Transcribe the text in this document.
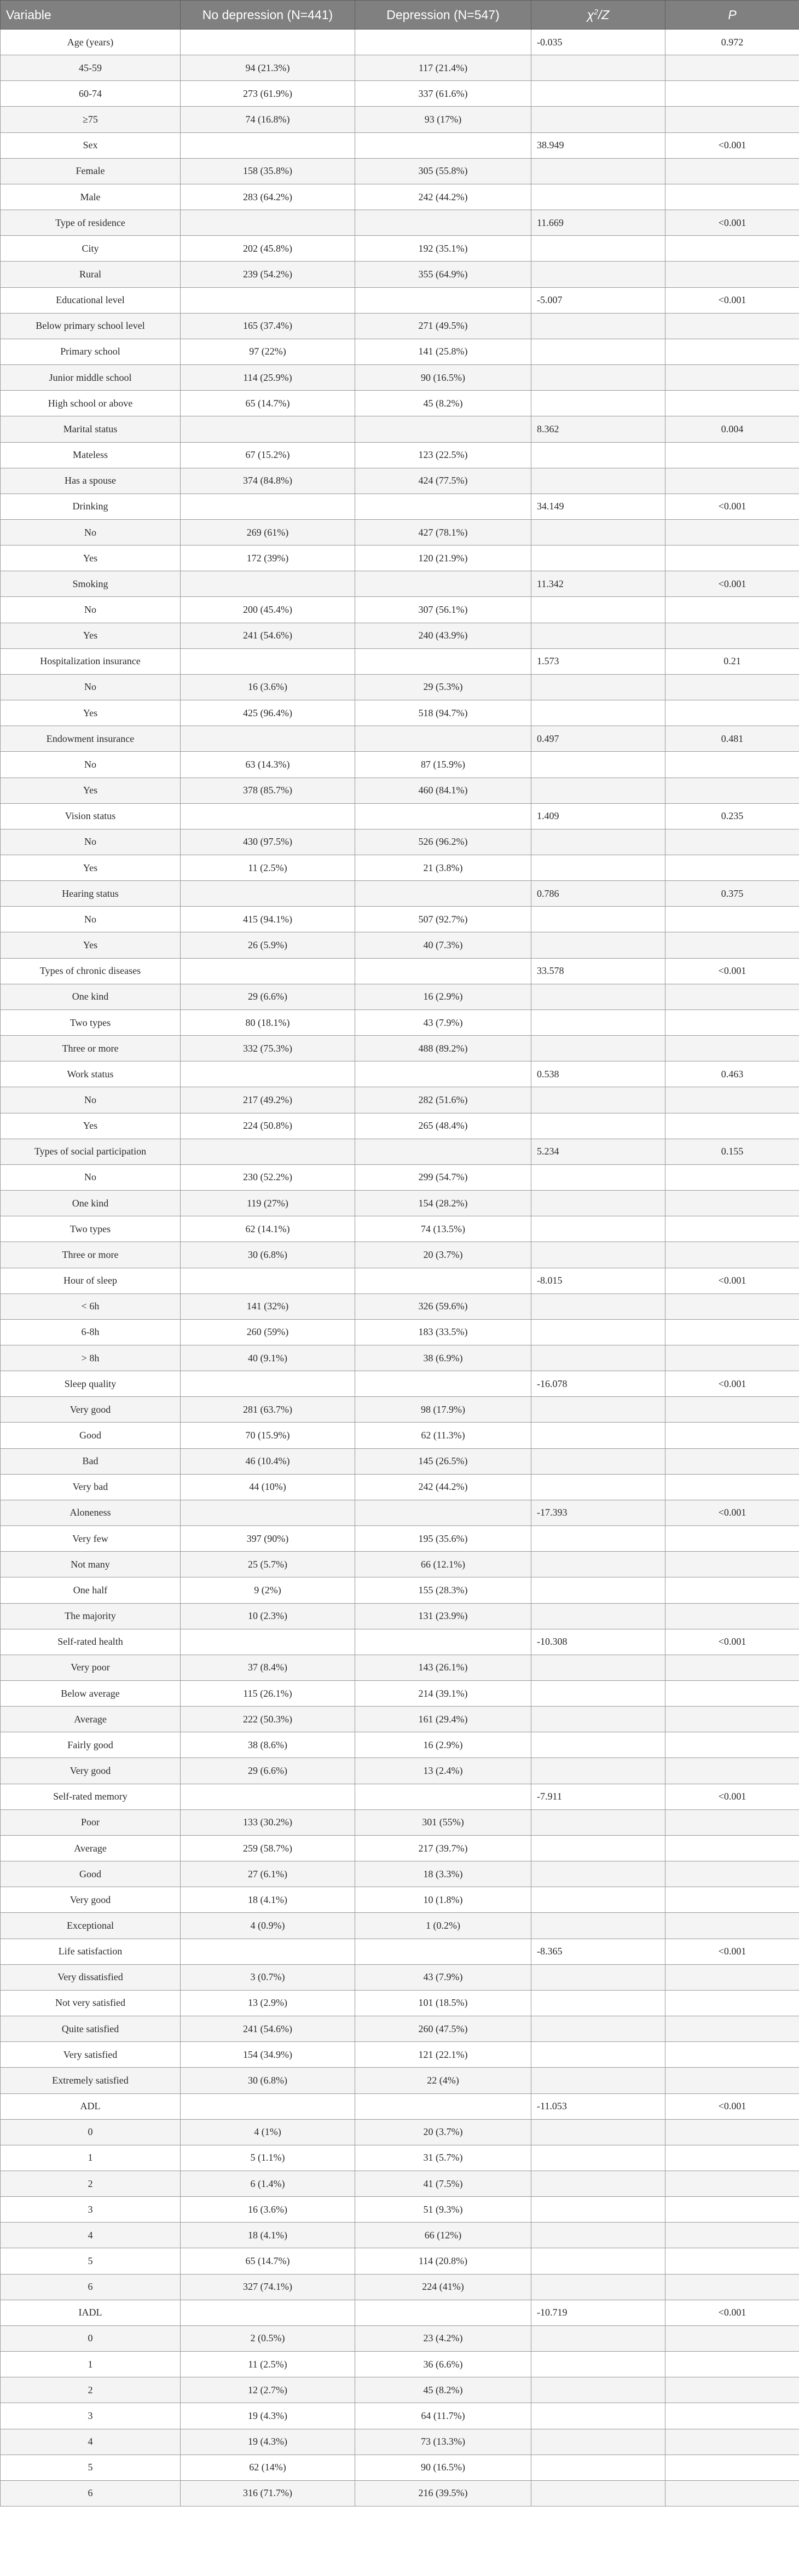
Variable	No depression (N=441)	Depression (N=547)	$\chi^2/Z$	P
Age (years)			-0.035	0.972
45-59	94 (21.3%)	117 (21.4%)		
60-74	273 (61.9%)	337 (61.6%)		
≥75	74 (16.8%)	93 (17%)		
Sex			38.949	<0.001
Female	158 (35.8%)	305 (55.8%)		
Male	283 (64.2%)	242 (44.2%)		
Type of residence			11.669	<0.001
City	202 (45.8%)	192 (35.1%)		
Rural	239 (54.2%)	355 (64.9%)		
Educational level			-5.007	<0.001
Below primary school level	165 (37.4%)	271 (49.5%)		
Primary school	97 (22%)	141 (25.8%)		
Junior middle school	114 (25.9%)	90 (16.5%)		
High school or above	65 (14.7%)	45 (8.2%)		
Marital status			8.362	0.004
Mateless	67 (15.2%)	123 (22.5%)		
Has a spouse	374 (84.8%)	424 (77.5%)		
Drinking			34.149	<0.001
No	269 (61%)	427 (78.1%)		
Yes	172 (39%)	120 (21.9%)		
Smoking			11.342	<0.001
No	200 (45.4%)	307 (56.1%)		
Yes	241 (54.6%)	240 (43.9%)		
Hospitalization insurance			1.573	0.21
No	16 (3.6%)	29 (5.3%)		
Yes	425 (96.4%)	518 (94.7%)		
Endowment insurance			0.497	0.481
No	63 (14.3%)	87 (15.9%)		
Yes	378 (85.7%)	460 (84.1%)		
Vision status			1.409	0.235
No	430 (97.5%)	526 (96.2%)		
Yes	11 (2.5%)	21 (3.8%)		
Hearing status			0.786	0.375
No	415 (94.1%)	507 (92.7%)		
Yes	26 (5.9%)	40 (7.3%)		
Types of chronic diseases			33.578	<0.001
One kind	29 (6.6%)	16 (2.9%)		
Two types	80 (18.1%)	43 (7.9%)		
Three or more	332 (75.3%)	488 (89.2%)		
Work status			0.538	0.463
No	217 (49.2%)	282 (51.6%)		
Yes	224 (50.8%)	265 (48.4%)		
Types of social participation			5.234	0.155
No	230 (52.2%)	299 (54.7%)		
One kind	119 (27%)	154 (28.2%)		
Two types	62 (14.1%)	74 (13.5%)		
Three or more	30 (6.8%)	20 (3.7%)		
Hour of sleep			-8.015	<0.001
< 6h	141 (32%)	326 (59.6%)		
6-8h	260 (59%)	183 (33.5%)		
> 8h	40 (9.1%)	38 (6.9%)		
Sleep quality			-16.078	<0.001
Very good	281 (63.7%)	98 (17.9%)		
Good	70 (15.9%)	62 (11.3%)		
Bad	46 (10.4%)	145 (26.5%)		
Very bad	44 (10%)	242 (44.2%)		
Aloneness			-17.393	<0.001
Very few	397 (90%)	195 (35.6%)		
Not many	25 (5.7%)	66 (12.1%)		
One half	9 (2%)	155 (28.3%)		
The majority	10 (2.3%)	131 (23.9%)		
Self-rated health			-10.308	<0.001
Very poor	37 (8.4%)	143 (26.1%)		
Below average	115 (26.1%)	214 (39.1%)		
Average	222 (50.3%)	161 (29.4%)		
Fairly good	38 (8.6%)	16 (2.9%)		
Very good	29 (6.6%)	13 (2.4%)		
Self-rated memory			-7.911	<0.001
Poor	133 (30.2%)	301 (55%)		
Average	259 (58.7%)	217 (39.7%)		
Good	27 (6.1%)	18 (3.3%)		
Very good	18 (4.1%)	10 (1.8%)		
Exceptional	4 (0.9%)	1 (0.2%)		
Life satisfaction			-8.365	<0.001
Very dissatisfied	3 (0.7%)	43 (7.9%)		
Not very satisfied	13 (2.9%)	101 (18.5%)		
Quite satisfied	241 (54.6%)	260 (47.5%)		
Very satisfied	154 (34.9%)	121 (22.1%)		
Extremely satisfied	30 (6.8%)	22 (4%)		
ADL			-11.053	<0.001
0	4 (1%)	20 (3.7%)		
1	5 (1.1%)	31 (5.7%)		
2	6 (1.4%)	41 (7.5%)		
3	16 (3.6%)	51 (9.3%)		
4	18 (4.1%)	66 (12%)		
5	65 (14.7%)	114 (20.8%)		
6	327 (74.1%)	224 (41%)		
IADL			-10.719	<0.001
0	2 (0.5%)	23 (4.2%)		
1	11 (2.5%)	36 (6.6%)		
2	12 (2.7%)	45 (8.2%)		
3	19 (4.3%)	64 (11.7%)		
4	19 (4.3%)	73 (13.3%)		
5	62 (14%)	90 (16.5%)		
6	316 (71.7%)	216 (39.5%)		
